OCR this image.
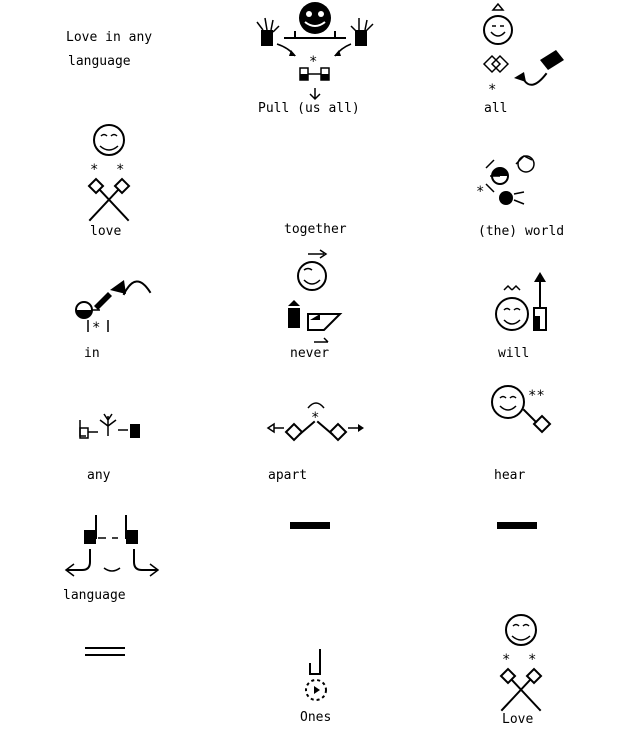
Love in any
language	*
Pull (us all)
*
all
* *
love	together
*
(the) world
*
in	never	will
any
*
apart
**
hear
language
Ones
* *
Love
